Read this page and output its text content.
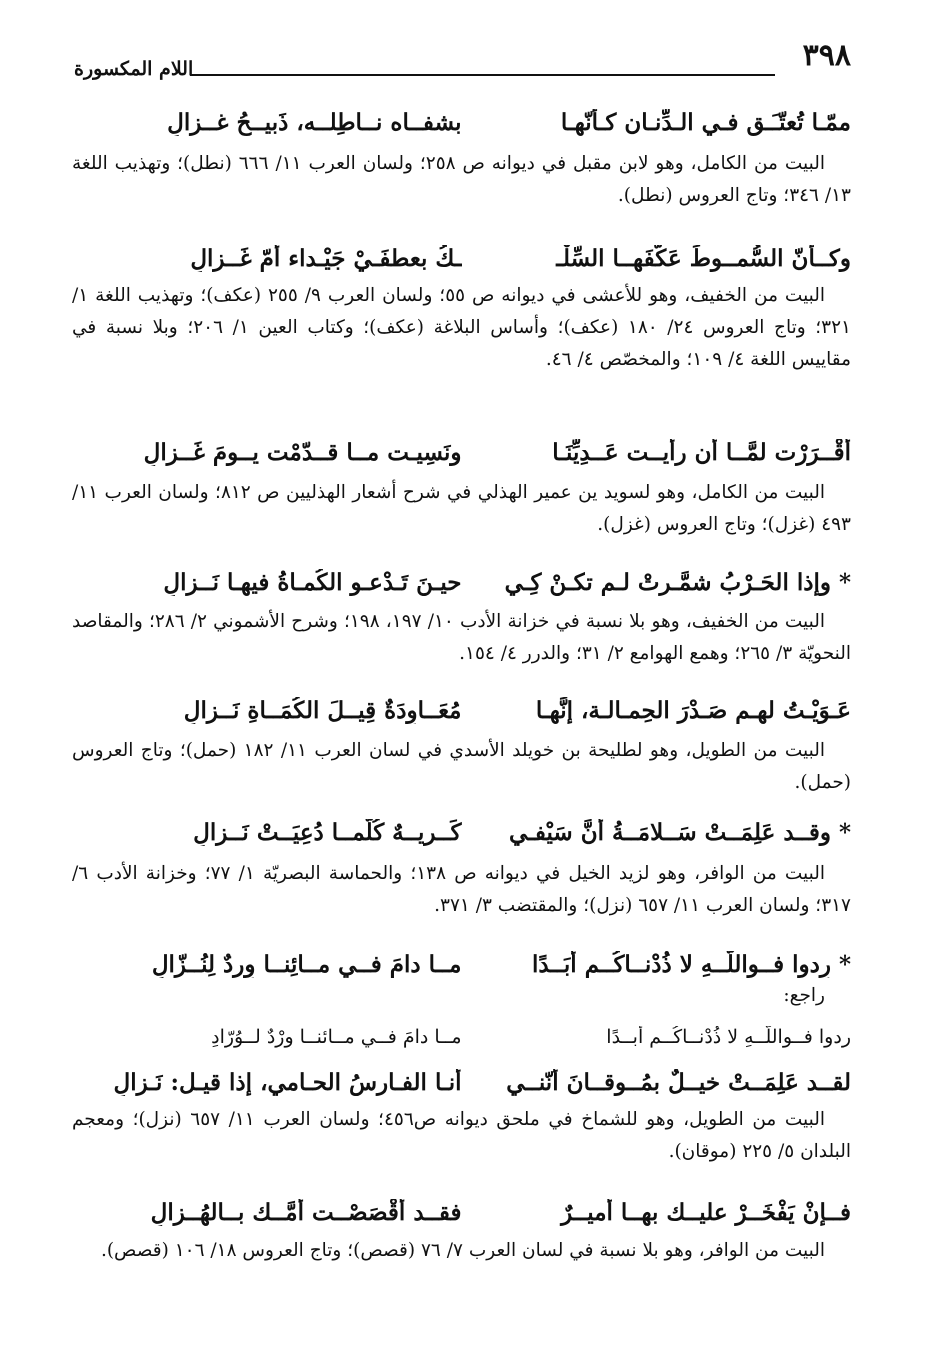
٣٩٨
اللام المكسورة
ممّـا تُعتّـَـق فـي الـدِّنـان كـأنّهـا
بشفــاه نــاطِلــه، ذَبيــحُ غــزالِ

البيت من الكامل، وهو لابن مقبل في ديوانه ص ٢٥٨؛ ولسان العرب ١١/ ٦٦٦ (نطل)؛ وتهذيب اللغة ١٣/ ٣٤٦؛ وتاج العروس (نطل).

وكــأنّ السُّمــوطَ عَكّفَهــا السِّلْـ
ـكُ بعطفَـيْ جَيْـداء أُمّ غَــزالِ

البيت من الخفيف، وهو للأعشى في ديوانه ص ٥٥؛ ولسان العرب ٩/ ٢٥٥ (عكف)؛ وتهذيب اللغة ١/ ٣٢١؛ وتاج العروس ٢٤/ ١٨٠ (عكف)؛ وأساس البلاغة (عكف)؛ وكتاب العين ١/ ٢٠٦؛ وبلا نسبة في مقاييس اللغة ٤/ ١٠٩؛ والمخصّص ٤/ ٤٦.

أَقْــرَرْت لمَّــا أن رأيــت عَــدِيِّنَـا
ونَسِيـت مــا قــدّمْت يــومَ غَــزالِ

البيت من الكامل، وهو لسويد ين عمير الهذلي في شرح أشعار الهذليين ص ٨١٢؛ ولسان العرب ١١/ ٤٩٣ (غزل)؛ وتاج العروس (غزل).

* وإذا الحَـرْبُ شمَّـرتْ لـم تكـنْ كِـي
حيـنَ تَـدْعـو الكُمـاةُ فيهـا نَــزالِ

البيت من الخفيف، وهو بلا نسبة في خزانة الأدب ١٠/ ١٩٧، ١٩٨؛ وشرح الأشموني ٢/ ٢٨٦؛ والمقاصد النحويّة ٣/ ٢٦٥؛ وهمع الهوامع ٢/ ٣١؛ والدرر ٤/ ١٥٤.

عَـوَيْـتُ لهـم صَـدْرَ الحِمـالـة، إنَّهـا
مُعَــاوِدَةٌ قِيــلَ الكُمَــاةِ نَــزالِ

البيت من الطويل، وهو لطليحة بن خويلد الأسدي في لسان العرب ١١/ ١٨٢ (حمل)؛ وتاج العروس (حمل).

* وقــد عَلِمَــتْ سَــلامَــةُ أَنَّ سَيْفـي
كَــريــهٌ كُلَّمــا دُعِيَــتْ نَــزالِ

البيت من الوافر، وهو لزيد الخيل في ديوانه ص ١٣٨؛ والحماسة البصريّة ١/ ٧٧؛ وخزانة الأدب ٦/ ٣١٧؛ ولسان العرب ١١/ ٦٥٧ (نزل)؛ والمقتضب ٣/ ٣٧١.

* رِدوا فــواللّــهِ لا ذُدْنــاكُــم أَبَــدًا
مــا دامَ فــي مــائِنــا وِردٌ لِنُــزّالِ

راجع:

رِدوا فــواللّــهِ لا ذُدْنــاكُــم أبــدًا
مــا دامَ فــي مــائنــا وِرْدٌ لــوُرّادِ
لقــد عَلِمَــتْ خيــلٌ بمُــوقــانَ أَنّنــي
أنـا الفـارسُ الحـامي، إذا قيـل: نَـزالِ

البيت من الطويل، وهو للشماخ في ملحق ديوانه ص٤٥٦؛ ولسان العرب ١١/ ٦٥٧ (نزل)؛ ومعجم البلدان ٥/ ٢٢٥ (موقان).

فــإنْ يَفْخَــرْ عليــك بهــا أميــرٌ
فقــد أَقْصَصْــت أُمَّــك بــالهُــزالِ

البيت من الوافر، وهو بلا نسبة في لسان العرب ٧/ ٧٦ (قصص)؛ وتاج العروس ١٨/ ١٠٦ (قصص).
